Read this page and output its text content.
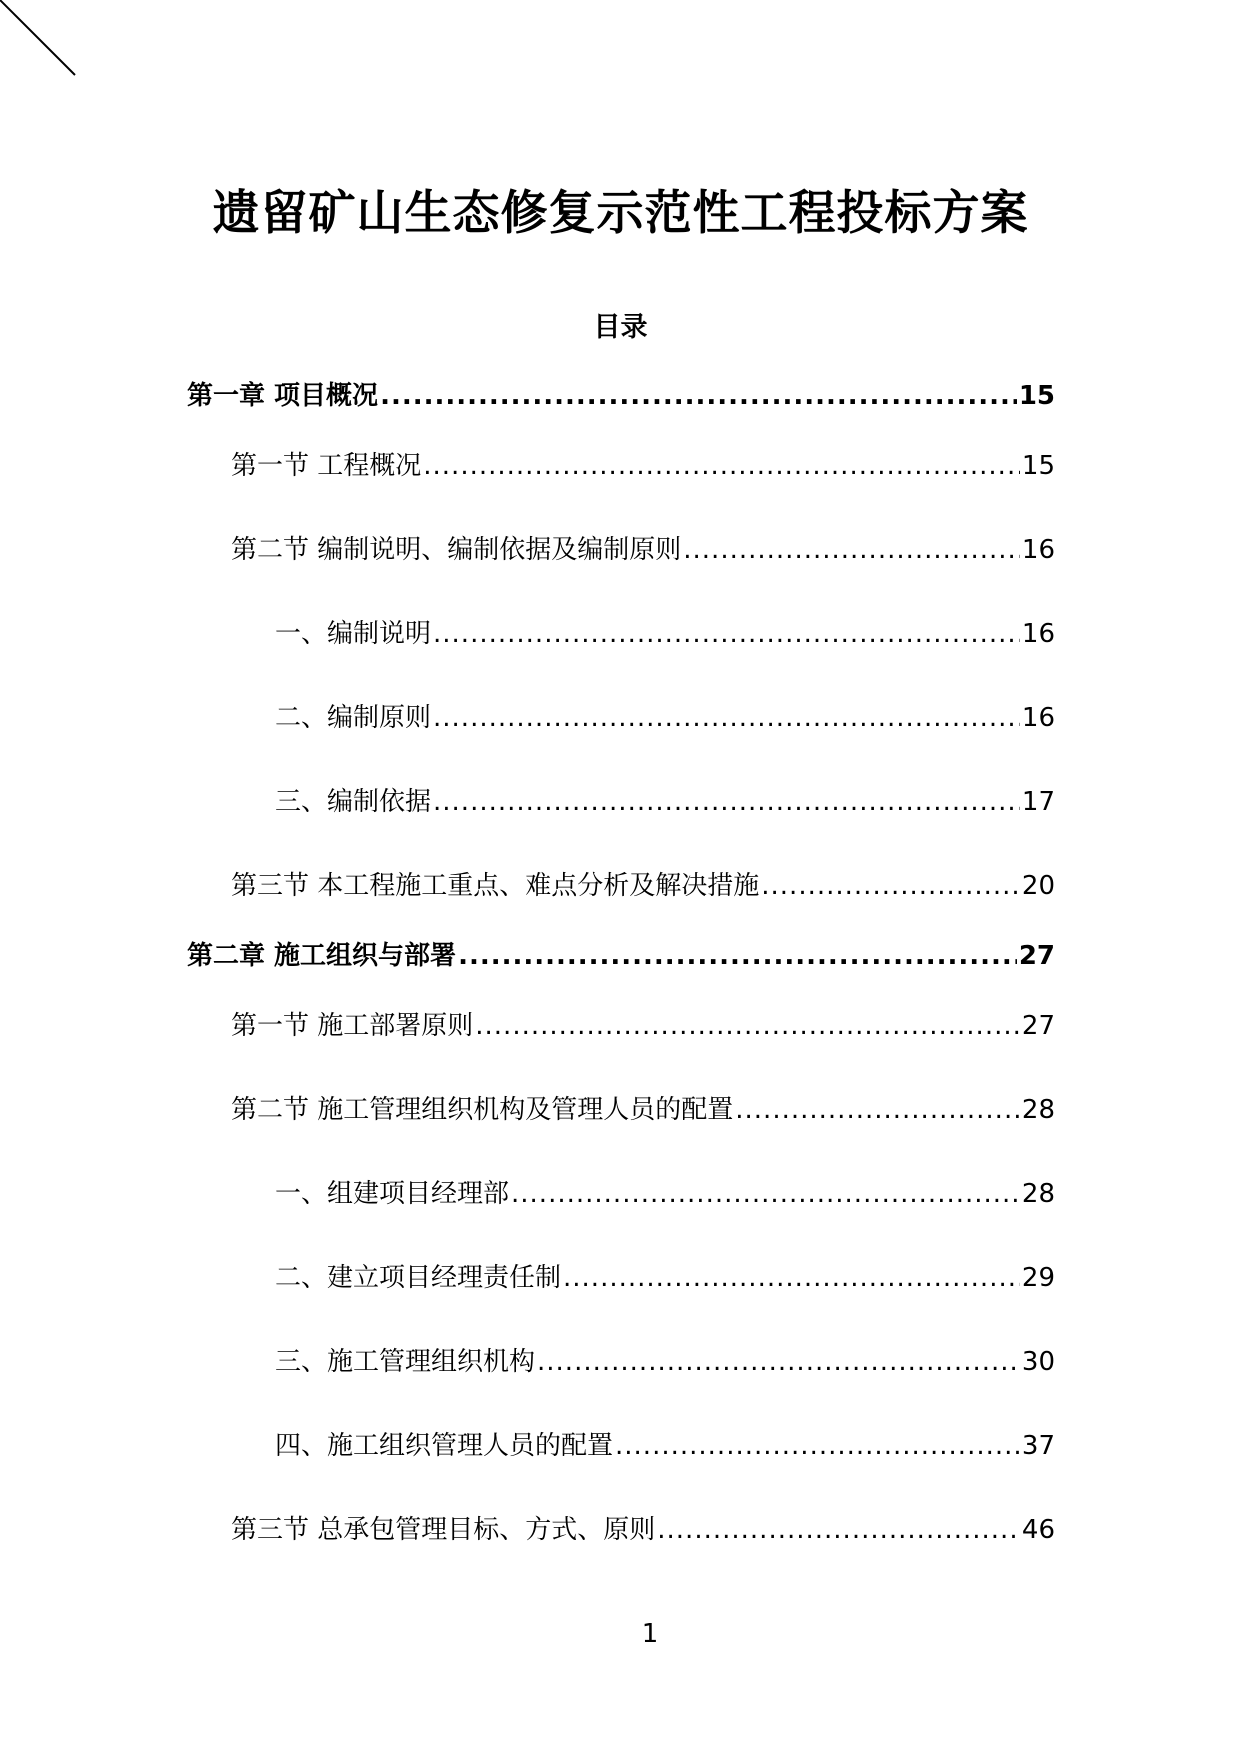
遗留矿山生态修复示范性工程投标方案
目录
第一章 项目概况 .....	15
第一节 工程概况 .....	15
第二节 编制说明、编制依据及编制原则 .....	16
一、编制说明 .....	16
二、编制原则 .....	16
三、编制依据 .....	17
第三节 本工程施工重点、难点分析及解决措施 .....	20
第二章 施工组织与部署 .....	27
第一节 施工部署原则 .....	27
第二节 施工管理组织机构及管理人员的配置 .....	28
一、组建项目经理部 .....	28
二、建立项目经理责任制 .....	29
三、施工管理组织机构 .....	30
四、施工组织管理人员的配置 .....	37
第三节 总承包管理目标、方式、原则 .....	46
1
